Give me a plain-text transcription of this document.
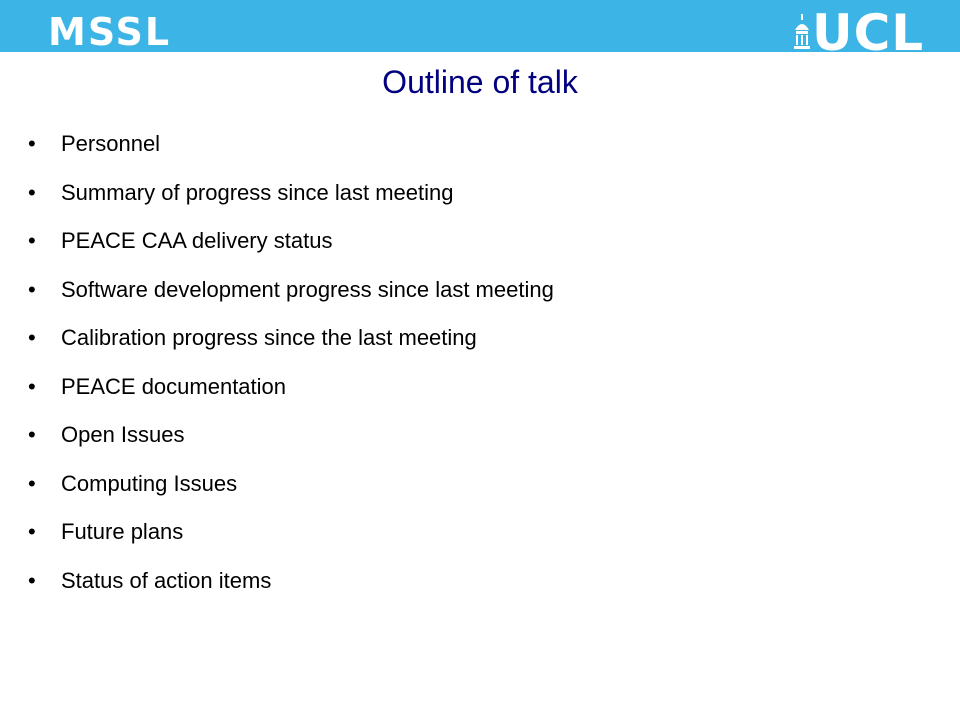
MSSL	UCL
Outline of talk
•	Personnel
•	Summary of progress since last meeting
•	PEACE CAA delivery status
•	Software development progress since last meeting
•	Calibration progress since the last meeting
•	PEACE documentation
•	Open Issues
•	Computing Issues
•	Future plans
•	Status of action items
